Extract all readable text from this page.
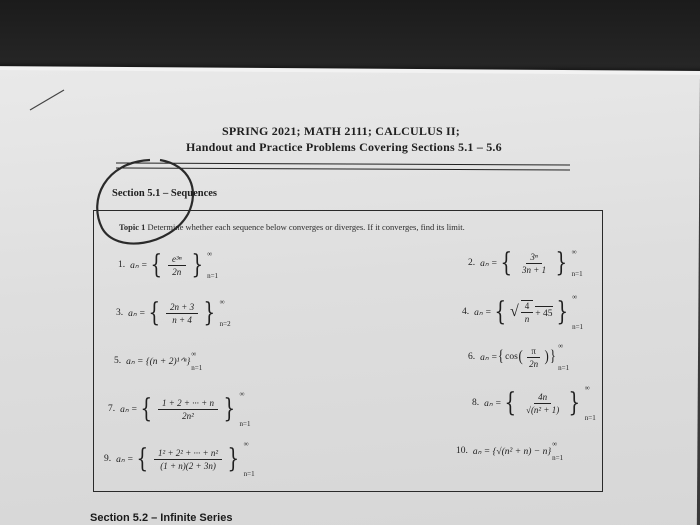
SPRING 2021; MATH 2111; CALCULUS II;
Handout and Practice Problems Covering Sections 5.1 – 5.6
Section 5.1 – Sequences
Topic 1 Determine whether each sequence below converges or diverges. If it converges, find its limit.
1. aₙ = { $\frac{\text{e³ⁿ}}{2n}$ } ∞
n=1
2. aₙ = { $\frac{\text{3ⁿ}}{3n + 1}$ } ∞
n=1
3. aₙ = { $\frac{2n + 3}{n + 4}$ } ∞
n=2
4. aₙ = { √ $\frac{4}{n} + 45$ } ∞
n=1
5. aₙ = {(n + 2)¹ᐟⁿ}
∞
n=1
6. aₙ = { cos ( $\frac{\pi}{2n}$ ) }
∞
n=1
7. aₙ = { $\frac{1 + 2 + \cdot\cdot\cdot + n}{\text{2n²}}$ } ∞
n=1
8. aₙ = { $\frac{4n}{\text{√(n² + 1)}}$ } ∞
n=1
9. aₙ = { $\frac{\text{1² + 2² + ··· + n²}}{(1 + n)(2 + 3n)}$ } ∞
n=1
10. aₙ = {√(n² + n) − n}
∞
n=1
Section 5.2 – Infinite Series
